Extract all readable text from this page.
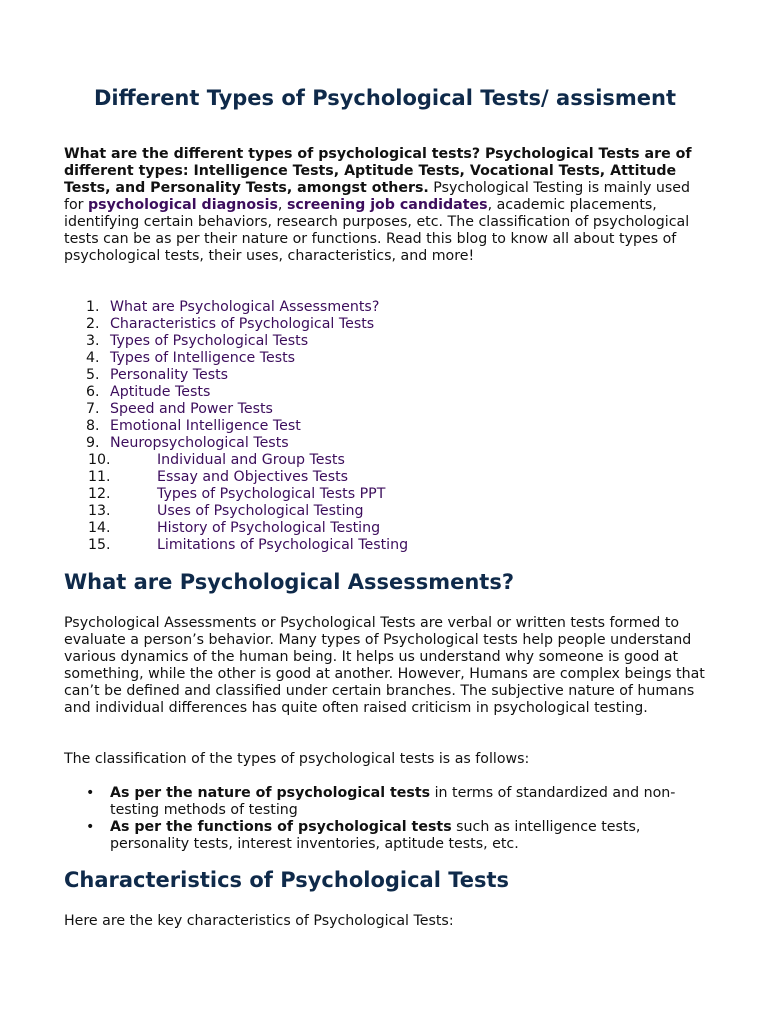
Different Types of Psychological Tests/ assisment

What are the different types of psychological tests? Psychological Tests are of different types: Intelligence Tests, Aptitude Tests, Vocational Tests, Attitude Tests, and Personality Tests, amongst others. Psychological Testing is mainly used for psychological diagnosis, screening job candidates, academic placements, identifying certain behaviors, research purposes, etc. The classification of psychological tests can be as per their nature or functions. Read this blog to know all about types of psychological tests, their uses, characteristics, and more!

1. What are Psychological Assessments?
2. Characteristics of Psychological Tests
3. Types of Psychological Tests
4. Types of Intelligence Tests
5. Personality Tests
6. Aptitude Tests
7. Speed and Power Tests
8. Emotional Intelligence Test
9. Neuropsychological Tests
10.	Individual and Group Tests
11.	Essay and Objectives Tests
12.	Types of Psychological Tests PPT
13.	Uses of Psychological Testing
14.	History of Psychological Testing
15.	Limitations of Psychological Testing
What are Psychological Assessments?

Psychological Assessments or Psychological Tests are verbal or written tests formed to evaluate a person’s behavior. Many types of Psychological tests help people understand various dynamics of the human being. It helps us understand why someone is good at something, while the other is good at another. However, Humans are complex beings that can’t be defined and classified under certain branches. The subjective nature of humans and individual differences has quite often raised criticism in psychological testing.

The classification of the types of psychological tests is as follows:

• As per the nature of psychological tests in terms of standardized and non-testing methods of testing
• As per the functions of psychological tests such as intelligence tests, personality tests, interest inventories, aptitude tests, etc.
Characteristics of Psychological Tests

Here are the key characteristics of Psychological Tests:
